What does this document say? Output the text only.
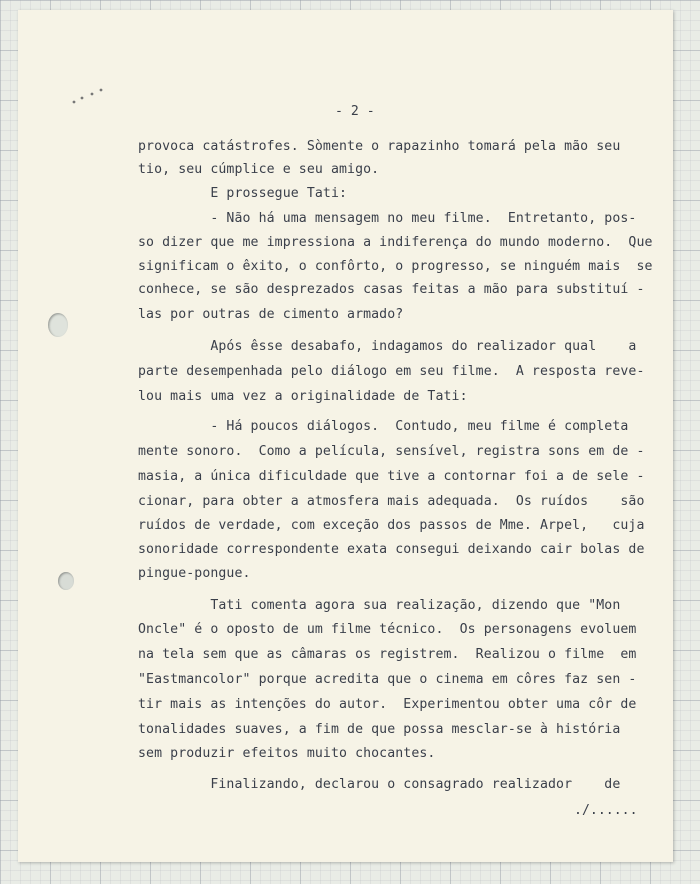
- 2 -
provoca catástrofes. Sòmente o rapazinho tomará pela mão seu
tio, seu cúmplice e seu amigo.
E prossegue Tati:
- Não há uma mensagem no meu filme.  Entretanto, pos-
so dizer que me impressiona a indiferença do mundo moderno.  Que
significam o êxito, o confôrto, o progresso, se ninguém mais  se
conhece, se são desprezados casas feitas a mão para substituí -
las por outras de cimento armado?
Após êsse desabafo, indagamos do realizador qual    a
parte desempenhada pelo diálogo em seu filme.  A resposta reve-
lou mais uma vez a originalidade de Tati:
- Há poucos diálogos.  Contudo, meu filme é completa
mente sonoro.  Como a película, sensível, registra sons em de -
masia, a única dificuldade que tive a contornar foi a de sele -
cionar, para obter a atmosfera mais adequada.  Os ruídos    são
ruídos de verdade, com exceção dos passos de Mme. Arpel,   cuja
sonoridade correspondente exata consegui deixando cair bolas de
pingue-pongue.
Tati comenta agora sua realização, dizendo que "Mon
Oncle" é o oposto de um filme técnico.  Os personagens evoluem
na tela sem que as câmaras os registrem.  Realizou o filme  em
"Eastmancolor" porque acredita que o cinema em côres faz sen -
tir mais as intenções do autor.  Experimentou obter uma côr de
tonalidades suaves, a fim de que possa mesclar-se à história
sem produzir efeitos muito chocantes.
Finalizando, declarou o consagrado realizador    de
./......
